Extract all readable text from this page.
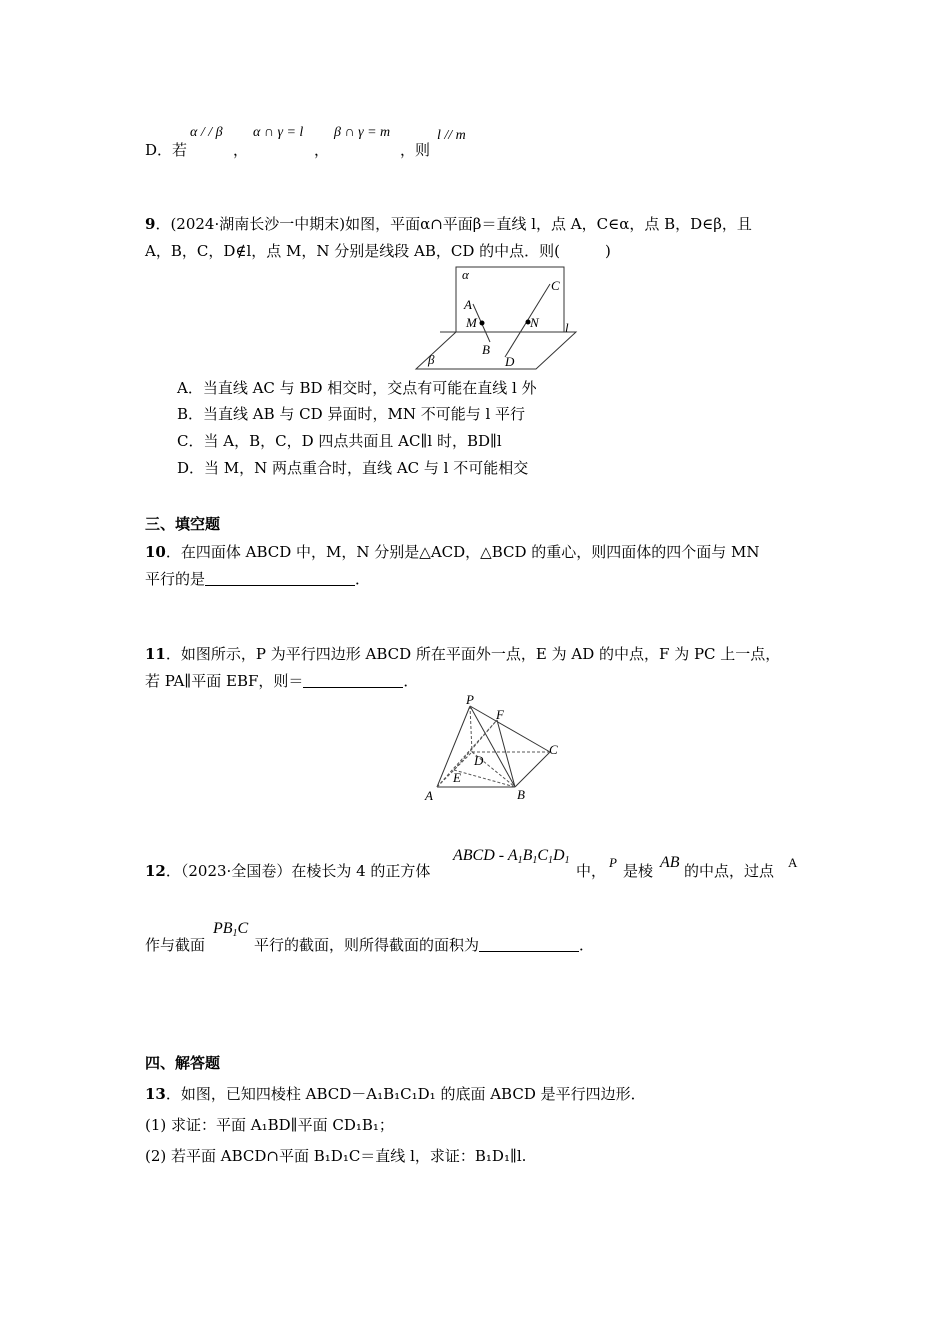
D．若
α / / β
，
α ∩ γ = l
，
β ∩ γ = m
，则
l // m
9．(2024·湖南长沙一中期末)如图，平面α∩平面β＝直线 l，点 A，C∈α，点 B，D∈β，且
A，B，C，D∉l，点 M，N 分别是线段 AB，CD 的中点．则(　　　)
α
β
A
B
C
D
M	N l
A．当直线 AC 与 BD 相交时，交点有可能在直线 l 外
B．当直线 AB 与 CD 异面时，MN 不可能与 l 平行
C．当 A，B，C，D 四点共面且 AC∥l 时，BD∥l
D．当 M，N 两点重合时，直线 AC 与 l 不可能相交
三、填空题
10．在四面体 ABCD 中，M，N 分别是△ACD，△BCD 的重心，则四面体的四个面与 MN
平行的是	．
11．如图所示，P 为平行四边形 ABCD 所在平面外一点，E 为 AD 的中点，F 为 PC 上一点，
若 PA∥平面 EBF，则＝	．
P
F
C
D
E
A	B
12．（2023·全国卷）在棱长为 4 的正方体
ABCD - $A_1B_1C_1D_1$
中， P 是棱 AB 的中点，过点 A
作与截面
$PB_1C$
平行的截面，则所得截面的面积为	．
四、解答题
13．如图，已知四棱柱 ABCD－A₁B₁C₁D₁ 的底面 ABCD 是平行四边形．
(1) 求证：平面 A₁BD∥平面 CD₁B₁；
(2) 若平面 ABCD∩平面 B₁D₁C＝直线 l，求证：B₁D₁∥l.
